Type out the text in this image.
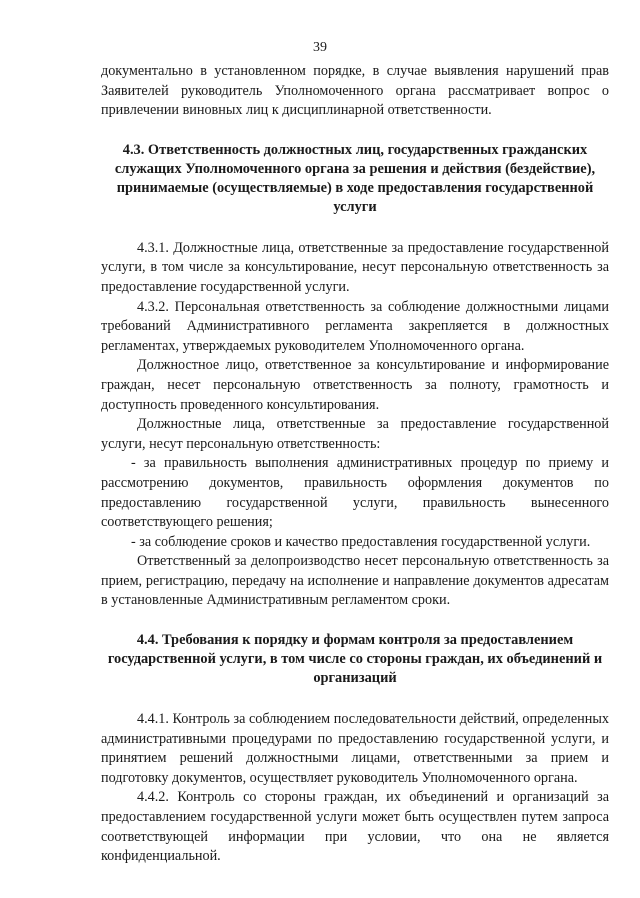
39

документально в установленном порядке, в случае выявления нарушений прав Заявителей руководитель Уполномоченного органа рассматривает вопрос о привлечении виновных лиц к дисциплинарной ответственности.

4.3. Ответственность должностных лиц, государственных гражданских служащих Уполномоченного органа за решения и действия (бездействие), принимаемые (осуществляемые) в ходе предоставления государственной услуги

4.3.1. Должностные лица, ответственные за предоставление государственной услуги, в том числе за консультирование, несут персональную ответственность за предоставление государственной услуги.

4.3.2. Персональная ответственность за соблюдение должностными лицами требований Административного регламента закрепляется в должностных регламентах, утверждаемых руководителем Уполномоченного органа.

Должностное лицо, ответственное за консультирование и информирование граждан, несет персональную ответственность за полноту, грамотность и доступность проведенного консультирования.

Должностные лица, ответственные за предоставление государственной услуги, несут персональную ответственность:

- за правильность выполнения административных процедур по приему и рассмотрению документов, правильность оформления документов по предоставлению государственной услуги, правильность вынесенного соответствующего решения;

- за соблюдение сроков и качество предоставления государственной услуги.

Ответственный за делопроизводство несет персональную ответственность за прием, регистрацию, передачу на исполнение и направление документов адресатам в установленные Административным регламентом сроки.

4.4. Требования к порядку и формам контроля за предоставлением государственной услуги, в том числе со стороны граждан, их объединений и организаций

4.4.1. Контроль за соблюдением последовательности действий, определенных административными процедурами по предоставлению государственной услуги, и принятием решений должностными лицами, ответственными за прием и подготовку документов, осуществляет руководитель Уполномоченного органа.

4.4.2. Контроль со стороны граждан, их объединений и организаций за предоставлением государственной услуги может быть осуществлен путем запроса соответствующей информации при условии, что она не является конфиденциальной.
